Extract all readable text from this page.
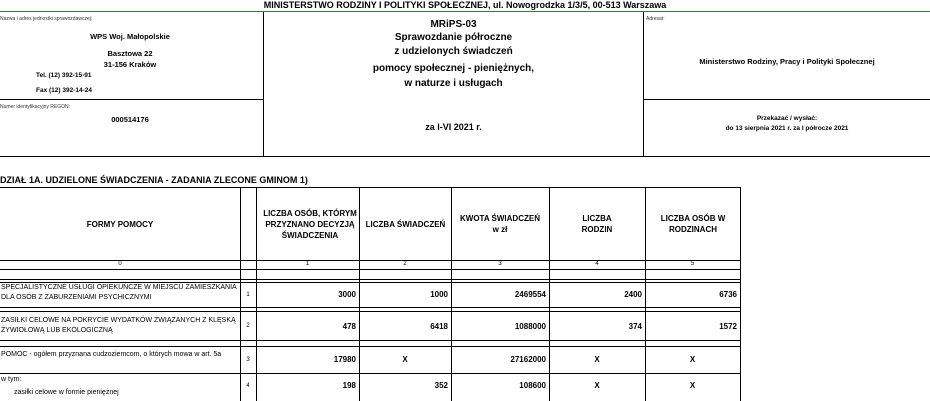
MINISTERSTWO RODZINY I POLITYKI SPOŁECZNEJ, ul. Nowogrodzka 1/3/5, 00-513 Warszawa
Nazwa i adres jednostki sprawozdawczej:
WPS Woj. Małopolskie
Basztowa 22
31-156 Kraków
Tel. (12) 392-15-91
Fax (12) 392-14-24
Numer identyfikacyjny REGON:
000514176
MRiPS-03
Sprawozdanie półroczne
z udzielonych świadczeń
pomocy społecznej - pieniężnych,
w naturze i usługach
za I-VI 2021 r.
Adresat:
Ministerstwo Rodziny, Pracy i Polityki Społecznej
Przekazać / wysłać:
do 13 sierpnia 2021 r. za I półrocze 2021
DZIAŁ 1A. UDZIELONE ŚWIADCZENIA - ZADANIA ZLECONE GMINOM 1)
FORMY POMOCY
LICZBA OSÓB, KTÓRYM PRZYZNANO DECYZJĄ ŚWIADCZENIA
LICZBA ŚWIADCZEŃ
KWOTA ŚWIADCZEŃ w zł
LICZBA RODZIN
LICZBA OSÓB W RODZINACH
0	1	2	3	4	5
SPECJALISTYCZNE USŁUGI OPIEKUŃCZE W MIEJSCU ZAMIESZKANIA DLA OSÓB Z ZABURZENIAMI PSYCHICZNYMI	1	3000	1000	2469554	2400	6736
ZASIŁKI CELOWE NA POKRYCIE WYDATKÓW ZWIĄZANYCH Z KLĘSKĄ ŻYWIOŁOWĄ LUB EKOLOGICZNĄ
2	478	6418	1088000	374	1572
POMOC - ogółem przyznana cudzoziemcom, o których mowa w art. 5a
3	17980	X	27162000	X	X
w tym:
zasiłki celowe w formie pieniężnej
4	198	352	108600	X	X
